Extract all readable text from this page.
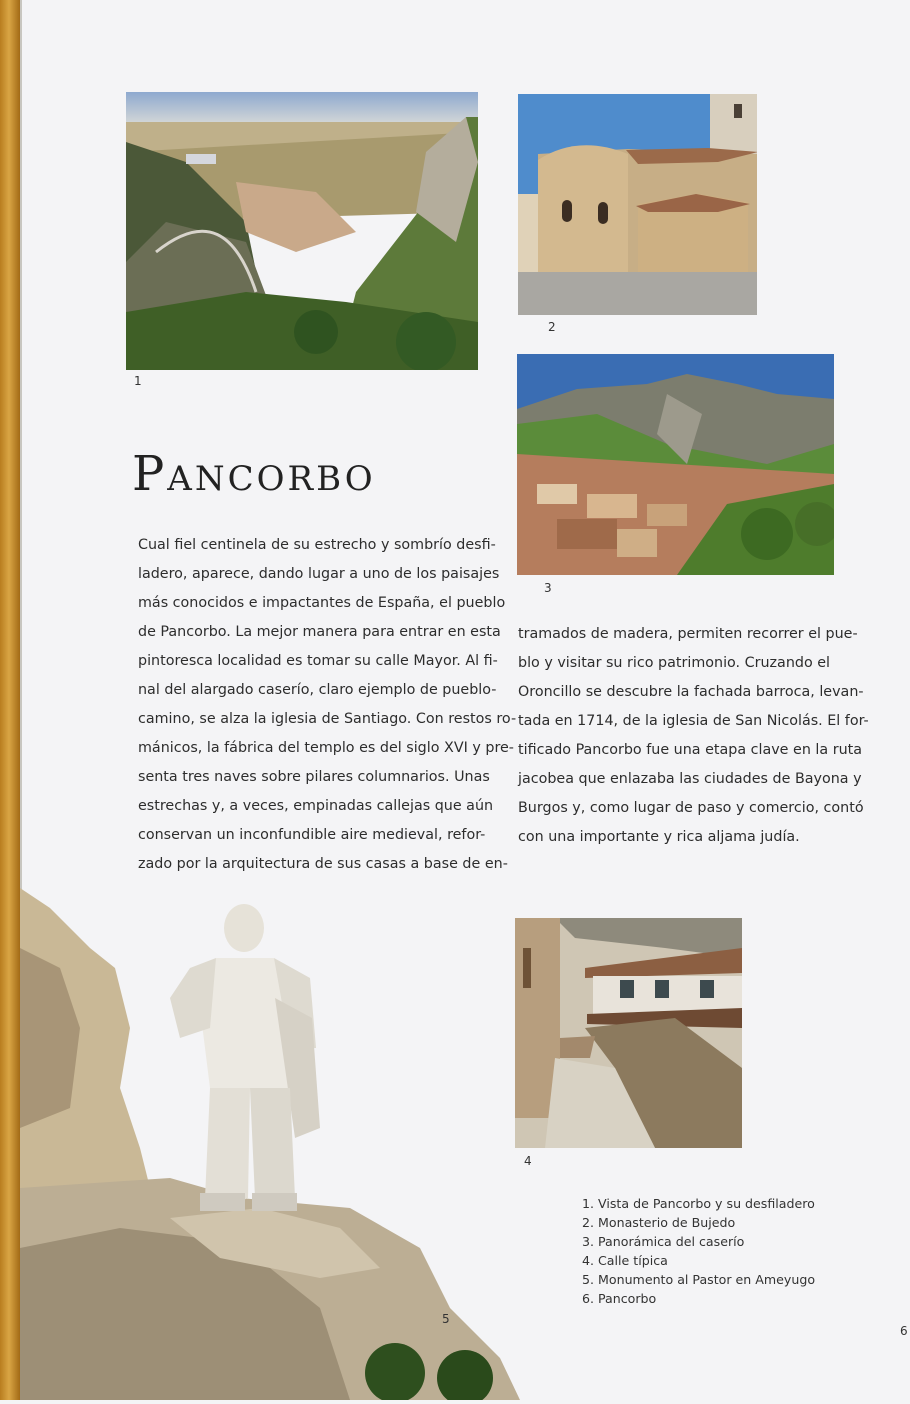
1
2
3
Pancorbo

Cual fiel centinela de su estrecho y sombrío desfi-
ladero, aparece, dando lugar a uno de los paisajes
más conocidos e impactantes de España, el pueblo
de Pancorbo. La mejor manera para entrar en esta
pintoresca localidad es tomar su calle Mayor. Al fi-
nal del alargado caserío, claro ejemplo de pueblo-
camino, se alza la iglesia de Santiago. Con restos ro-
mánicos, la fábrica del templo es del siglo XVI y pre-
senta tres naves sobre pilares columnarios. Unas
estrechas y, a veces, empinadas callejas que aún
conservan un inconfundible aire medieval, refor-
zado por la arquitectura de sus casas a base de en-

tramados de madera, permiten recorrer el pue-
blo y visitar su rico patrimonio. Cruzando el
Oroncillo se descubre la fachada barroca, levan-
tada en 1714, de la iglesia de San Nicolás. El for-
tificado Pancorbo fue una etapa clave en la ruta
jacobea que enlazaba las ciudades de Bayona y
Burgos y, como lugar de paso y comercio, contó
con una importante y rica aljama judía.

4
1. Vista de Pancorbo y su desfiladero
2. Monasterio de Bujedo
3. Panorámica del caserío
4. Calle típica
5. Monumento al Pastor en Ameyugo
6. Pancorbo
5
6
